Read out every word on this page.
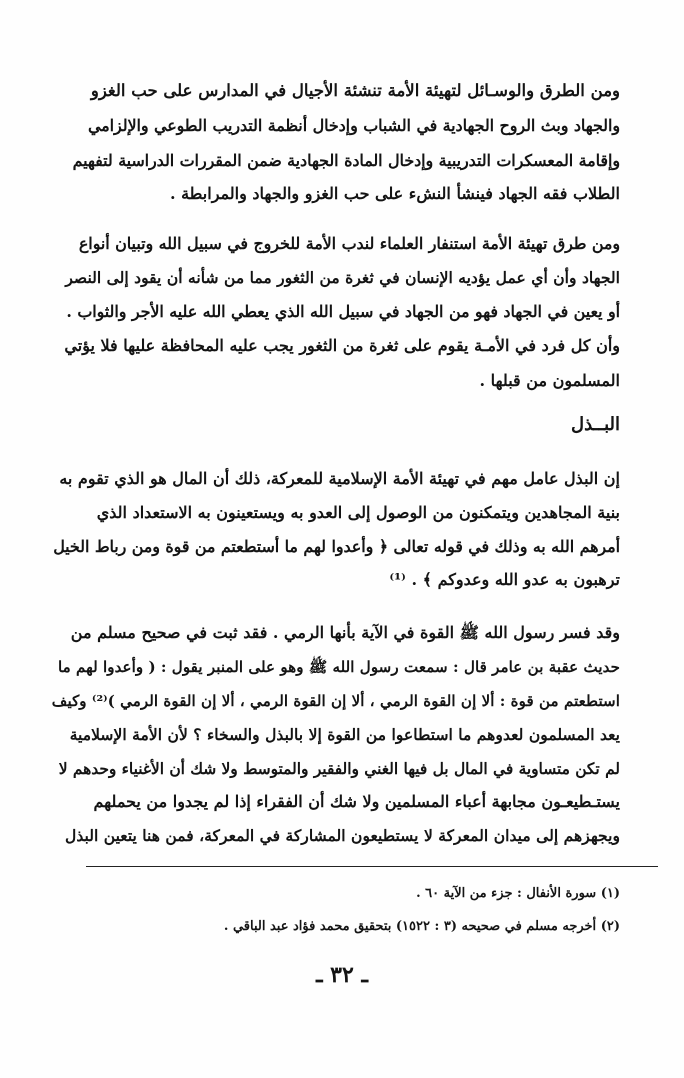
ومن الطرق والوسـائل لتهيئة الأمة تنشئة الأجيال في المدارس على حب الغزو
والجهاد وبث الروح الجهادية في الشباب وإدخال أنظمة التدريب الطوعي والإلزامي
وإقامة المعسكرات التدريبية وإدخال المادة الجهادية ضمن المقررات الدراسية لتفهيم
الطلاب فقه الجهاد فينشأ النشء على حب الغزو والجهاد والمرابطة .
ومن طرق تهيئة الأمة استنفار العلماء لندب الأمة للخروج في سبيل الله وتبيان أنواع
الجهاد وأن أي عمل يؤديه الإنسان في ثغرة من الثغور مما من شأنه أن يقود إلى النصر
أو يعين في الجهاد فهو من الجهاد في سبيل الله الذي يعطي الله عليه الأجر والثواب .
وأن كل فرد في الأمـة يقوم على ثغرة من الثغور يجب عليه المحافظة عليها فلا يؤتي
المسلمون من قبلها .
البــذل
إن البذل عامل مهم في تهيئة الأمة الإسلامية للمعركة، ذلك أن المال هو الذي تقوم به
بنية المجاهدين ويتمكنون من الوصول إلى العدو به ويستعينون به الاستعداد الذي
أمرهم الله به وذلك في قوله تعالى ﴿ وأعدوا لهم ما أستطعتم من قوة ومن رباط الخيل
ترهبون به عدو الله وعدوكم ﴾ . ⁽¹⁾
وقد فسر رسول الله ﷺ القوة في الآية بأنها الرمي . فقد ثبت في صحيح مسلم من
حديث عقبة بن عامر قال : سمعت رسول الله ﷺ وهو على المنبر يقول : ( وأعدوا لهم ما
استطعتم من قوة : ألا إن القوة الرمي ، ألا إن القوة الرمي ، ألا إن القوة الرمي )⁽²⁾ وكيف
يعد المسلمون لعدوهم ما استطاعوا من القوة إلا بالبذل والسخاء ؟ لأن الأمة الإسلامية
لم تكن متساوية في المال بل فيها الغني والفقير والمتوسط ولا شك أن الأغنياء وحدهم لا
يستـطيعـون مجابهة أعباء المسلمين ولا شك أن الفقراء إذا لم يجدوا من يحملهم
ويجهزهم إلى ميدان المعركة لا يستطيعون المشاركة في المعركة، فمن هنا يتعين البذل
(١) سورة الأنفال : جزء من الآية ٦٠ .
(٢) أخرجه مسلم في صحيحه (٣ : ١٥٢٢) بتحقيق محمد فؤاد عبد الباقي .
ـ ٣٢ ـ
